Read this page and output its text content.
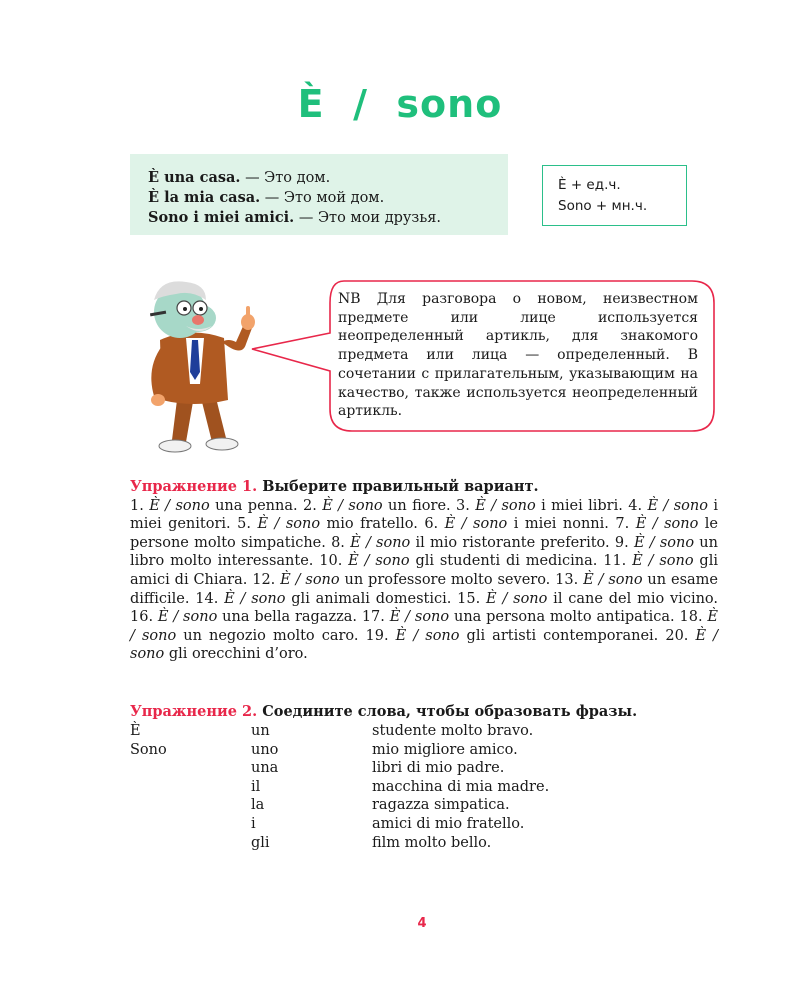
È  /  sono
È una casa. — Это дом.
È la mia casa. — Это мой дом.
Sono i miei amici. — Это мои друзья.
È + ед.ч.
Sono + мн.ч.
NB Для разговора о новом, неизвестном предмете или лице используется неопределенный артикль, для знакомого предмета или лица — определенный. В сочетании с прилагательным, указывающим на качество, также используется неопределенный артикль.
Упражнение 1. Выберите правильный вариант.
1. È / sono una penna. 2. È / sono un fiore. 3. È / sono i miei libri. 4. È / sono i miei genitori. 5. È / sono mio fratello. 6. È / sono i miei nonni. 7. È / sono le persone molto simpatiche. 8. È / sono il mio ristorante preferito. 9. È / sono un libro molto interessante. 10. È / sono gli studenti di medicina. 11. È / sono gli amici di Chiara. 12. È / sono un professore molto severo. 13. È / sono un esame difficile. 14. È / sono gli animali domestici. 15. È / sono il cane del mio vicino. 16. È / sono una bella ragazza. 17. È / sono una persona molto antipatica. 18. È / sono un negozio molto caro. 19. È / sono gli artisti contemporanei. 20. È / sono gli orecchini d’oro.
Упражнение 2. Соедините слова, чтобы образовать фразы.
È
Sono
un
uno
una
il
la
i
gli
studente molto bravo.
mio migliore amico.
libri di mio padre.
macchina di mia madre.
ragazza simpatica.
amici di mio fratello.
film molto bello.
4
